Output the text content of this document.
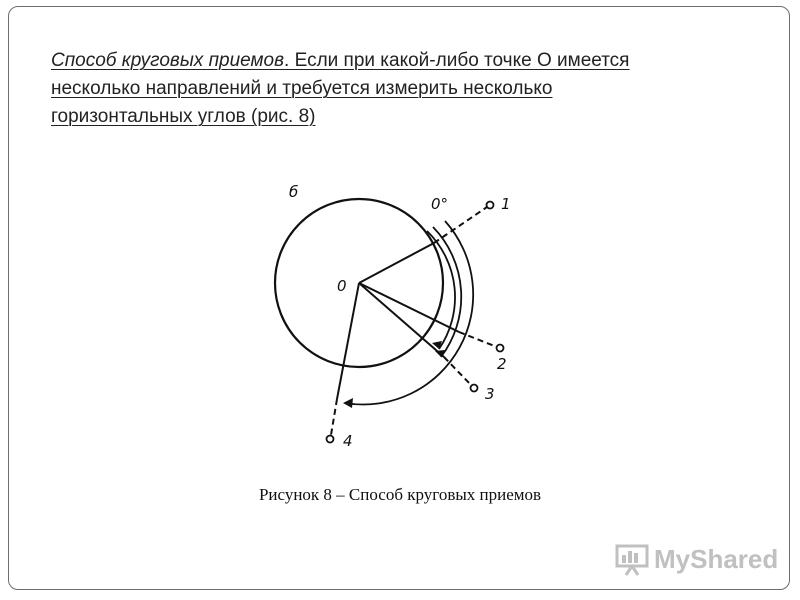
Способ круговых приемов. Если при какой-либо точке О имеется
несколько направлений и требуется измерить несколько
горизонтальных углов (рис. 8)
б
0°
0
1
2
3
4
Рисунок 8 – Способ круговых приемов
MyShared
